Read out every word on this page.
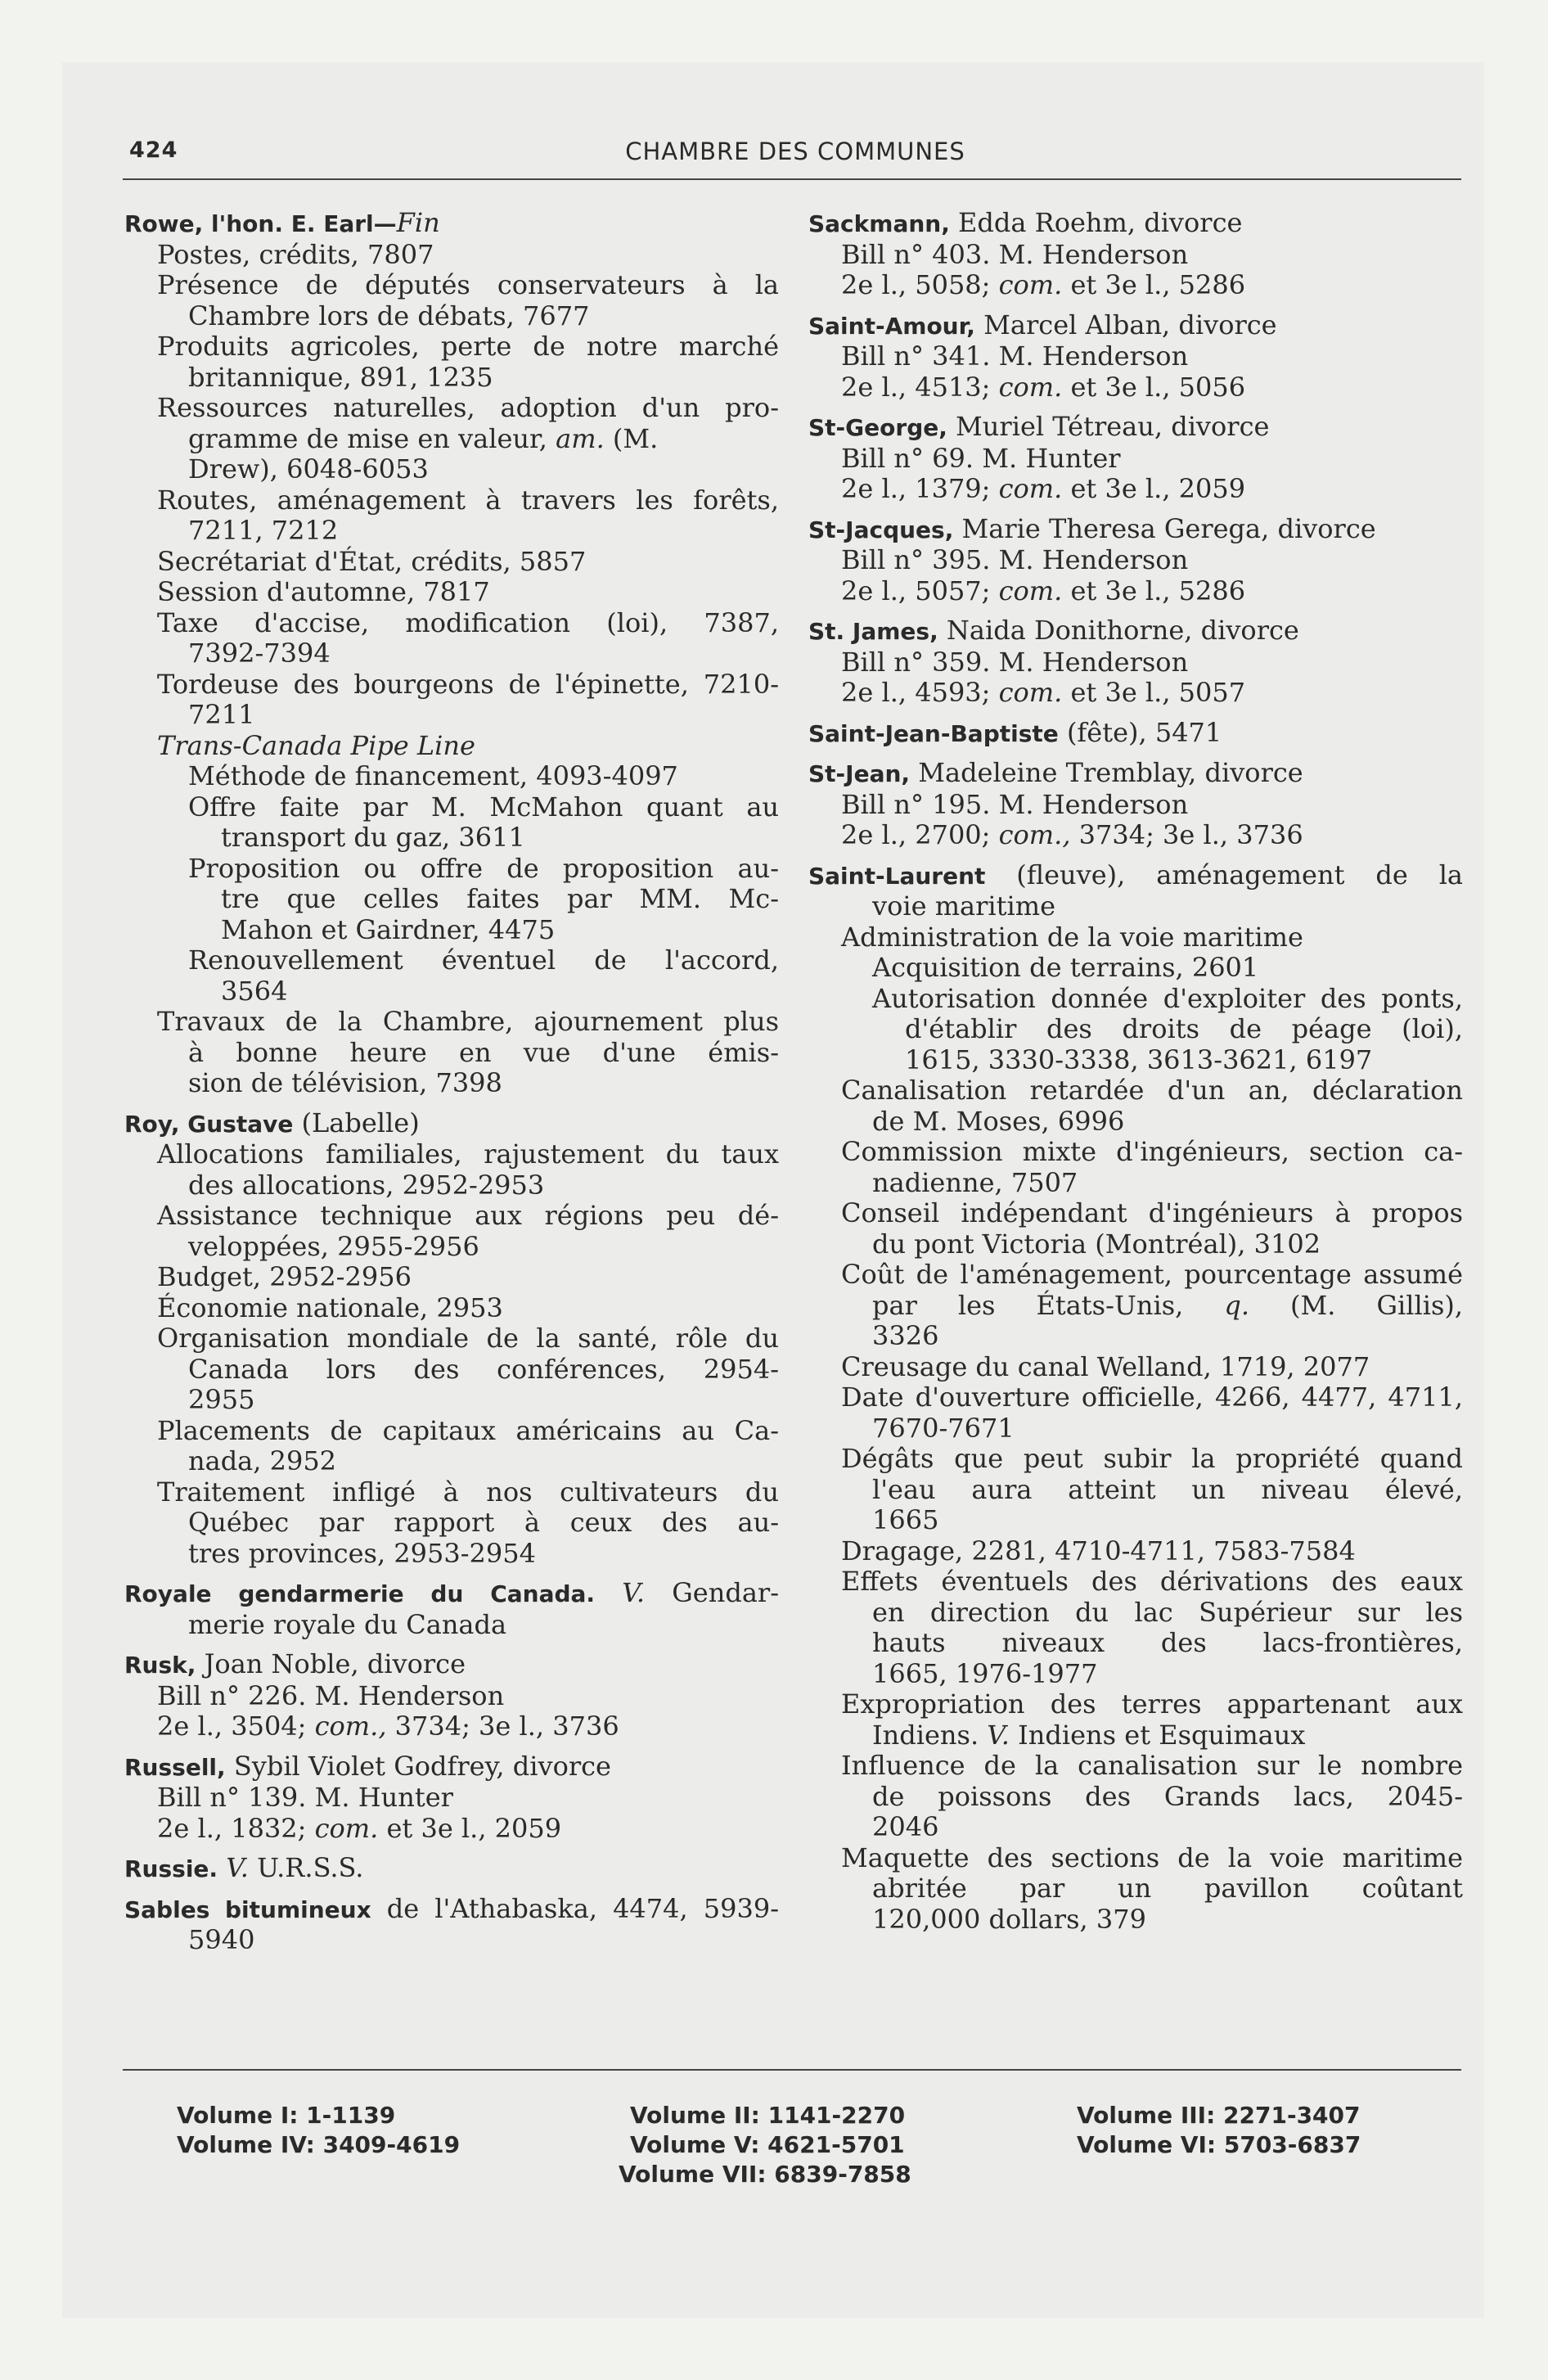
424	CHAMBRE DES COMMUNES
Rowe, l'hon. E. Earl—Fin
Postes, crédits, 7807
Présence de députés conservateurs à la
Chambre lors de débats, 7677
Produits agricoles, perte de notre marché
britannique, 891, 1235
Ressources naturelles, adoption d'un pro-
gramme de mise en valeur, am. (M.
Drew), 6048-6053
Routes, aménagement à travers les forêts,
7211, 7212
Secrétariat d'État, crédits, 5857
Session d'automne, 7817
Taxe d'accise, modification (loi), 7387,
7392-7394
Tordeuse des bourgeons de l'épinette, 7210-
7211
Trans-Canada Pipe Line
Méthode de financement, 4093-4097
Offre faite par M. McMahon quant au
transport du gaz, 3611
Proposition ou offre de proposition au-
tre que celles faites par MM. Mc-
Mahon et Gairdner, 4475
Renouvellement éventuel de l'accord,
3564
Travaux de la Chambre, ajournement plus
à bonne heure en vue d'une émis-
sion de télévision, 7398
Roy, Gustave (Labelle)
Allocations familiales, rajustement du taux
des allocations, 2952-2953
Assistance technique aux régions peu dé-
veloppées, 2955-2956
Budget, 2952-2956
Économie nationale, 2953
Organisation mondiale de la santé, rôle du
Canada lors des conférences, 2954-
2955
Placements de capitaux américains au Ca-
nada, 2952
Traitement infligé à nos cultivateurs du
Québec par rapport à ceux des au-
tres provinces, 2953-2954
Royale gendarmerie du Canada. V. Gendar-
merie royale du Canada
Rusk, Joan Noble, divorce
Bill n° 226. M. Henderson
2e l., 3504; com., 3734; 3e l., 3736
Russell, Sybil Violet Godfrey, divorce
Bill n° 139. M. Hunter
2e l., 1832; com. et 3e l., 2059
Russie. V. U.R.S.S.
Sables bitumineux de l'Athabaska, 4474, 5939-
5940
Sackmann, Edda Roehm, divorce
Bill n° 403. M. Henderson
2e l., 5058; com. et 3e l., 5286
Saint-Amour, Marcel Alban, divorce
Bill n° 341. M. Henderson
2e l., 4513; com. et 3e l., 5056
St-George, Muriel Tétreau, divorce
Bill n° 69. M. Hunter
2e l., 1379; com. et 3e l., 2059
St-Jacques, Marie Theresa Gerega, divorce
Bill n° 395. M. Henderson
2e l., 5057; com. et 3e l., 5286
St. James, Naida Donithorne, divorce
Bill n° 359. M. Henderson
2e l., 4593; com. et 3e l., 5057
Saint-Jean-Baptiste (fête), 5471
St-Jean, Madeleine Tremblay, divorce
Bill n° 195. M. Henderson
2e l., 2700; com., 3734; 3e l., 3736
Saint-Laurent (fleuve), aménagement de la
voie maritime
Administration de la voie maritime
Acquisition de terrains, 2601
Autorisation donnée d'exploiter des ponts,
d'établir des droits de péage (loi),
1615, 3330-3338, 3613-3621, 6197
Canalisation retardée d'un an, déclaration
de M. Moses, 6996
Commission mixte d'ingénieurs, section ca-
nadienne, 7507
Conseil indépendant d'ingénieurs à propos
du pont Victoria (Montréal), 3102
Coût de l'aménagement, pourcentage assumé
par les États-Unis, q. (M. Gillis),
3326
Creusage du canal Welland, 1719, 2077
Date d'ouverture officielle, 4266, 4477, 4711,
7670-7671
Dégâts que peut subir la propriété quand
l'eau aura atteint un niveau élevé,
1665
Dragage, 2281, 4710-4711, 7583-7584
Effets éventuels des dérivations des eaux
en direction du lac Supérieur sur les
hauts niveaux des lacs-frontières,
1665, 1976-1977
Expropriation des terres appartenant aux
Indiens. V. Indiens et Esquimaux
Influence de la canalisation sur le nombre
de poissons des Grands lacs, 2045-
2046
Maquette des sections de la voie maritime
abritée par un pavillon coûtant
120,000 dollars, 379
Volume I: 1-1139
Volume IV: 3409-4619
Volume II: 1141-2270
Volume V: 4621-5701
Volume VII: 6839-7858
Volume III: 2271-3407
Volume VI: 5703-6837
